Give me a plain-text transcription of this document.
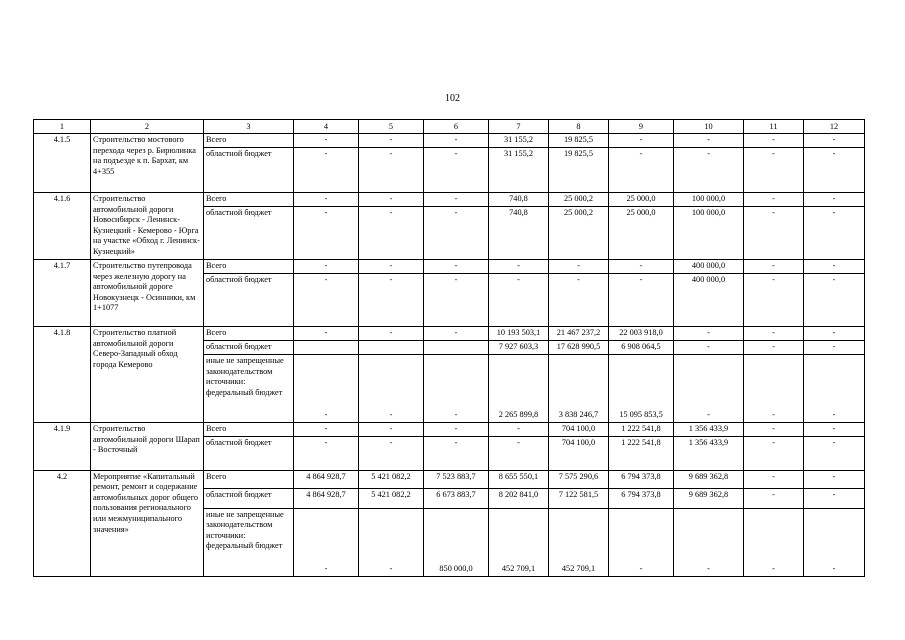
102
1	2	3	4	5	6	7	8	9	10	11	12
4.1.5	Строительство мостового перехода через р. Бирюлинка на подъезде к п. Бархат, км 4+355	Всего	-	-	-	31 155,2	19 825,5	-	-	-	-
		областной бюджет	-	-	-	31 155,2	19 825,5	-	-	-	-
4.1.6	Строительство автомобильной дороги Новосибирск - Ленинск-Кузнецкий - Кемерово - Юрга на участке «Обход г. Ленинск-Кузнецкий»	Всего	-	-	-	740,8	25 000,2	25 000,0	100 000,0	-	-
		областной бюджет	-	-	-	740,8	25 000,2	25 000,0	100 000,0	-	-
4.1.7	Строительство путепровода через железную дорогу на автомобильной дороге Новокузнецк - Осинники, км 1+1077	Всего	-	-	-	-	-	-	400 000,0	-	-
		областной бюджет	-	-	-	-	-	-	400 000,0	-	-
4.1.8	Строительство платной автомобильной дороги Северо-Западный обход города Кемерово	Всего	-	-	-	10 193 503,1	21 467 237,2	22 003 918,0	-	-	-
		областной бюджет				7 927 603,3	17 628 990,5	6 908 064,5	-	-	-
		иные не запрещенные законодательством источники: федеральный бюджет	-	-	-	2 265 899,8	3 838 246,7	15 095 853,5	-	-	-
4.1.9	Строительство автомобильной дороги Шарап - Восточный	Всего	-	-	-	-	704 100,0	1 222 541,8	1 356 433,9	-	-
		областной бюджет	-	-	-	-	704 100,0	1 222 541,8	1 356 433,9	-	-
4.2	Мероприятие «Капитальный ремонт, ремонт и содержание автомобильных дорог общего пользования регионального или межмуниципального значения»	Всего	4 864 928,7	5 421 082,2	7 523 883,7	8 655 550,1	7 575 290,6	6 794 373,8	9 689 362,8	-	-
		областной бюджет	4 864 928,7	5 421 082,2	6 673 883,7	8 202 841,0	7 122 581,5	6 794 373,8	9 689 362,8	-	-
		иные не запрещенные законодательством источники: федеральный бюджет	-	-	850 000,0	452 709,1	452 709,1	-	-	-	-
